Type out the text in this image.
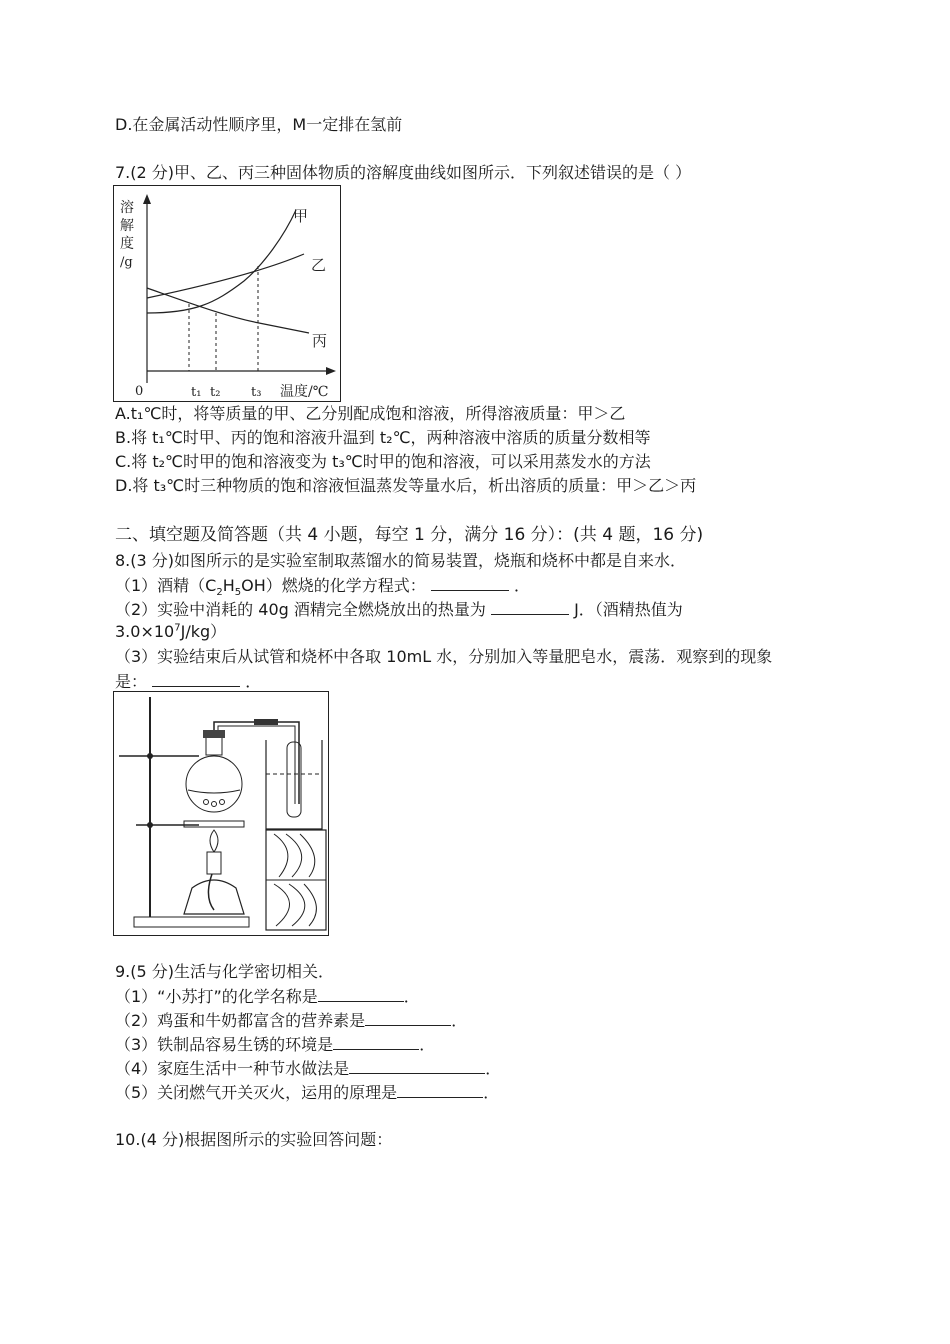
D.在金属活动性顺序里，M一定排在氢前
7.(2 分)甲、乙、丙三种固体物质的溶解度曲线如图所示．下列叙述错误的是（ ）
溶
解
度
/g
甲
乙
丙
0	t₁ t₂ t₃ 温度/℃
A.t₁℃时，将等质量的甲、乙分别配成饱和溶液，所得溶液质量：甲＞乙
B.将 t₁℃时甲、丙的饱和溶液升温到 t₂℃，两种溶液中溶质的质量分数相等
C.将 t₂℃时甲的饱和溶液变为 t₃℃时甲的饱和溶液，可以采用蒸发水的方法
D.将 t₃℃时三种物质的饱和溶液恒温蒸发等量水后，析出溶质的质量：甲＞乙＞丙
二、填空题及简答题（共 4 小题，每空 1 分，满分 16 分）：(共 4 题，16 分)
8.(3 分)如图所示的是实验室制取蒸馏水的简易装置，烧瓶和烧杯中都是自来水．
（1）酒精$(C_2H_5OH)$燃烧的化学方程式：	．
（2）实验中消耗的 40g 酒精完全燃烧放出的热量为	J．（酒精热值为
$3.0\times 10^7J/kg$）
（3）实验结束后从试管和烧杯中各取 10mL 水，分别加入等量肥皂水，震荡．观察到的现象
是：	．
9.(5 分)生活与化学密切相关．
（1）“小苏打”的化学名称是	．
（2）鸡蛋和牛奶都富含的营养素是	．
（3）铁制品容易生锈的环境是	．
（4）家庭生活中一种节水做法是	．
（5）关闭燃气开关灭火，运用的原理是	．
10.(4 分)根据图所示的实验回答问题：
